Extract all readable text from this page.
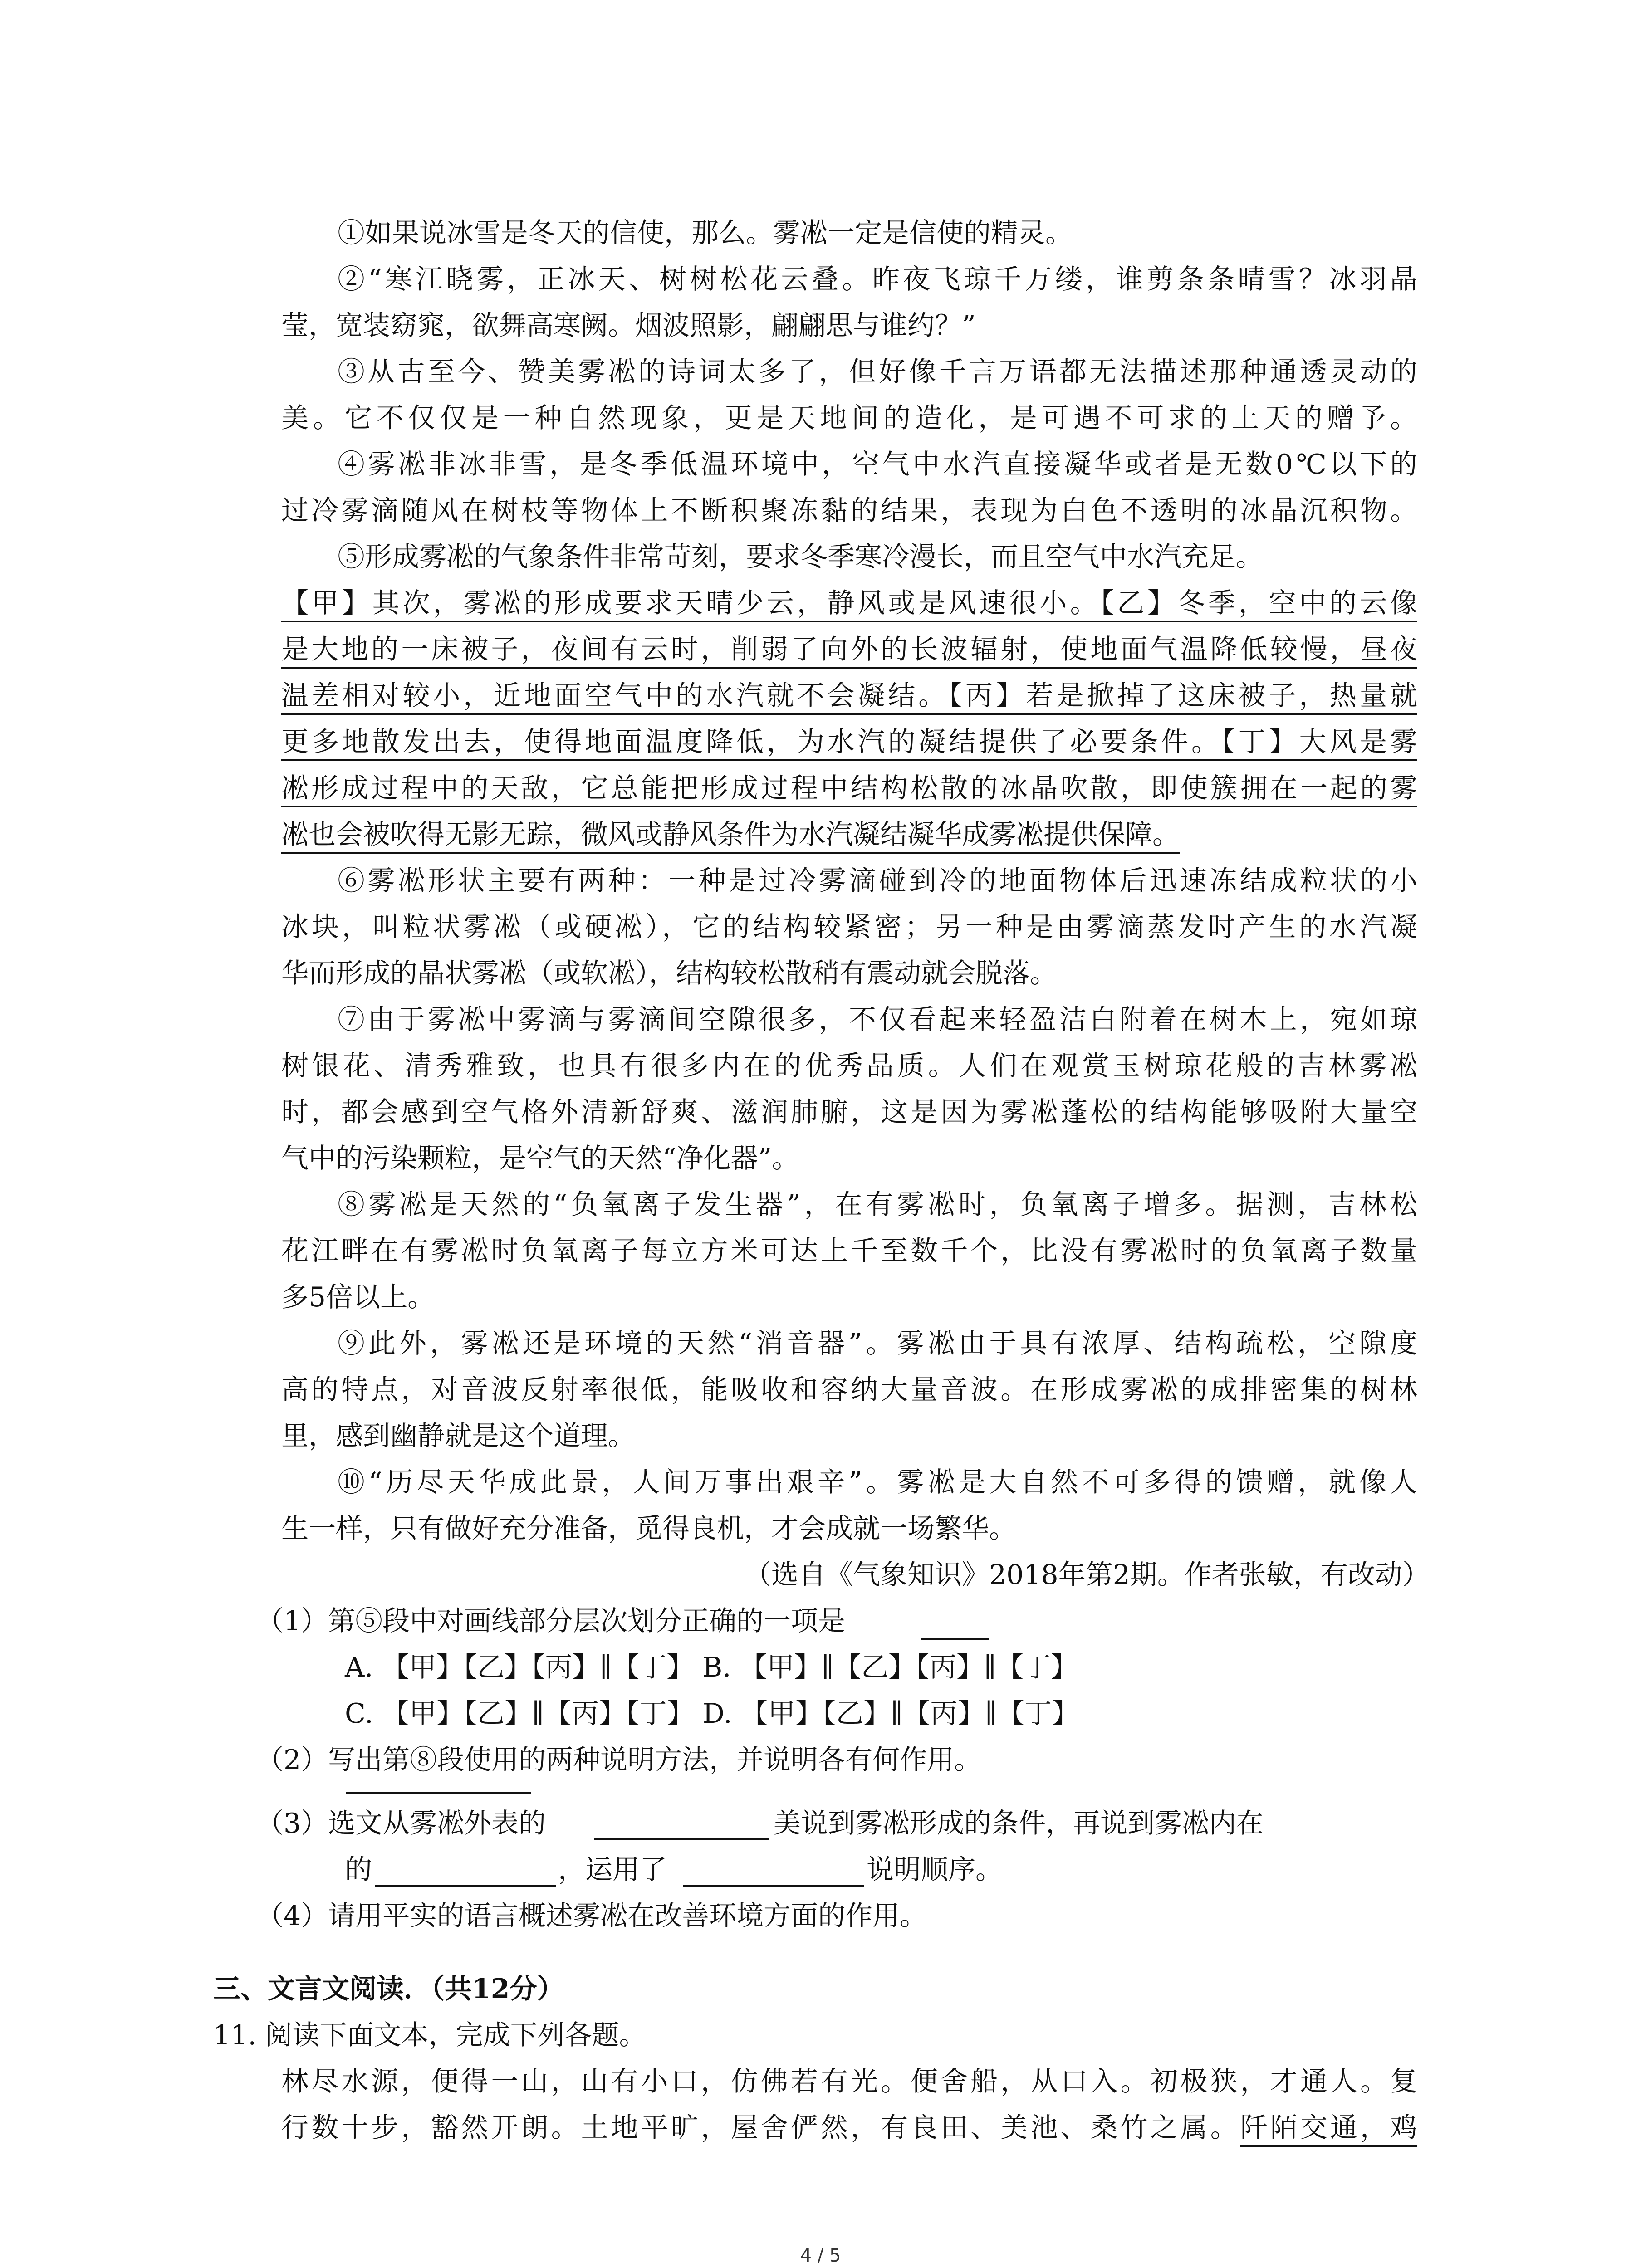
①如果说冰雪是冬天的信使，那么。雾凇一定是信使的精灵。
②“寒江晓雾，正冰天、树树松花云叠。昨夜飞琼千万缕，谁剪条条晴雪？冰羽晶
莹，宽装窈窕，欲舞高寒阙。烟波照影，翩翩思与谁约？”
③从古至今、赞美雾凇的诗词太多了，但好像千言万语都无法描述那种通透灵动的
美。它不仅仅是一种自然现象，更是天地间的造化，是可遇不可求的上天的赠予。
④雾凇非冰非雪，是冬季低温环境中，空气中水汽直接凝华或者是无数0℃以下的
过冷雾滴随风在树枝等物体上不断积聚冻黏的结果，表现为白色不透明的冰晶沉积物。
⑤形成雾凇的气象条件非常苛刻，要求冬季寒冷漫长，而且空气中水汽充足。
【甲】其次，雾凇的形成要求天晴少云，静风或是风速很小。【乙】冬季，空中的云像
是大地的一床被子，夜间有云时，削弱了向外的长波辐射，使地面气温降低较慢，昼夜
温差相对较小，近地面空气中的水汽就不会凝结。【丙】若是掀掉了这床被子，热量就
更多地散发出去，使得地面温度降低，为水汽的凝结提供了必要条件。【丁】大风是雾
凇形成过程中的天敌，它总能把形成过程中结构松散的冰晶吹散，即使簇拥在一起的雾
凇也会被吹得无影无踪，微风或静风条件为水汽凝结凝华成雾凇提供保障。
⑥雾凇形状主要有两种：一种是过冷雾滴碰到冷的地面物体后迅速冻结成粒状的小
冰块，叫粒状雾凇（或硬凇），它的结构较紧密；另一种是由雾滴蒸发时产生的水汽凝
华而形成的晶状雾凇（或软凇），结构较松散稍有震动就会脱落。
⑦由于雾凇中雾滴与雾滴间空隙很多，不仅看起来轻盈洁白附着在树木上，宛如琼
树银花、清秀雅致，也具有很多内在的优秀品质。人们在观赏玉树琼花般的吉林雾凇
时，都会感到空气格外清新舒爽、滋润肺腑，这是因为雾凇蓬松的结构能够吸附大量空
气中的污染颗粒，是空气的天然“净化器”。
⑧雾凇是天然的“负氧离子发生器”，在有雾凇时，负氧离子增多。据测，吉林松
花江畔在有雾凇时负氧离子每立方米可达上千至数千个，比没有雾凇时的负氧离子数量
多5倍以上。
⑨此外，雾凇还是环境的天然“消音器”。雾凇由于具有浓厚、结构疏松，空隙度
高的特点，对音波反射率很低，能吸收和容纳大量音波。在形成雾凇的成排密集的树林
里，感到幽静就是这个道理。
⑩“历尽天华成此景，人间万事出艰辛”。雾凇是大自然不可多得的馈赠，就像人
生一样，只有做好充分准备，觅得良机，才会成就一场繁华。
（选自《气象知识》2018年第2期。作者张敏，有改动）
（1）第⑤段中对画线部分层次划分正确的一项是
A. 【甲】【乙】【丙】∥【丁】 B. 【甲】∥【乙】【丙】∥【丁】
C. 【甲】【乙】∥【丙】【丁】 D. 【甲】【乙】∥【丙】∥【丁】
（2）写出第⑧段使用的两种说明方法，并说明各有何作用。
（3）选文从雾凇外表的	美说到雾凇形成的条件，再说到雾凇内在
的	，运用了	说明顺序。
（4）请用平实的语言概述雾凇在改善环境方面的作用。
三、文言文阅读．（共12分）
11. 阅读下面文本，完成下列各题。
林尽水源，便得一山，山有小口，仿佛若有光。便舍船，从口入。初极狭，才通人。复
行数十步，豁然开朗。土地平旷，屋舍俨然，有良田、美池、桑竹之属。阡陌交通，鸡
4 / 5
